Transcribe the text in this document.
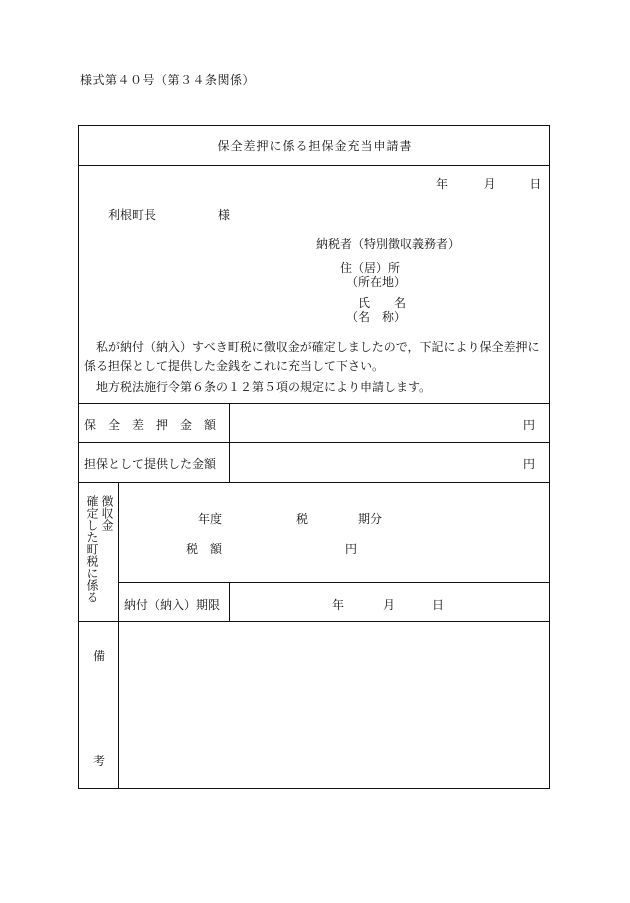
様式第４０号（第３４条関係）
保全差押に係る担保金充当申請書
年	月	日
利根町長	様
納税者（特別徴収義務者）
住（居）所
（所在地）
氏　　名
（名　称）
　私が納付（納入）すべき町税に徴収金が確定しましたので，下記により保全差押に
係る担保として提供した金銭をこれに充当して下さい。
　地方税法施行令第６条の１２第５項の規定により申請します。
保　全　差　押　金　額	円
担保として提供した金額	円
徴収金
確定した町税に係る	年度	税	期分
税　額	円
納付（納入）期限	年	月	日
備
考
